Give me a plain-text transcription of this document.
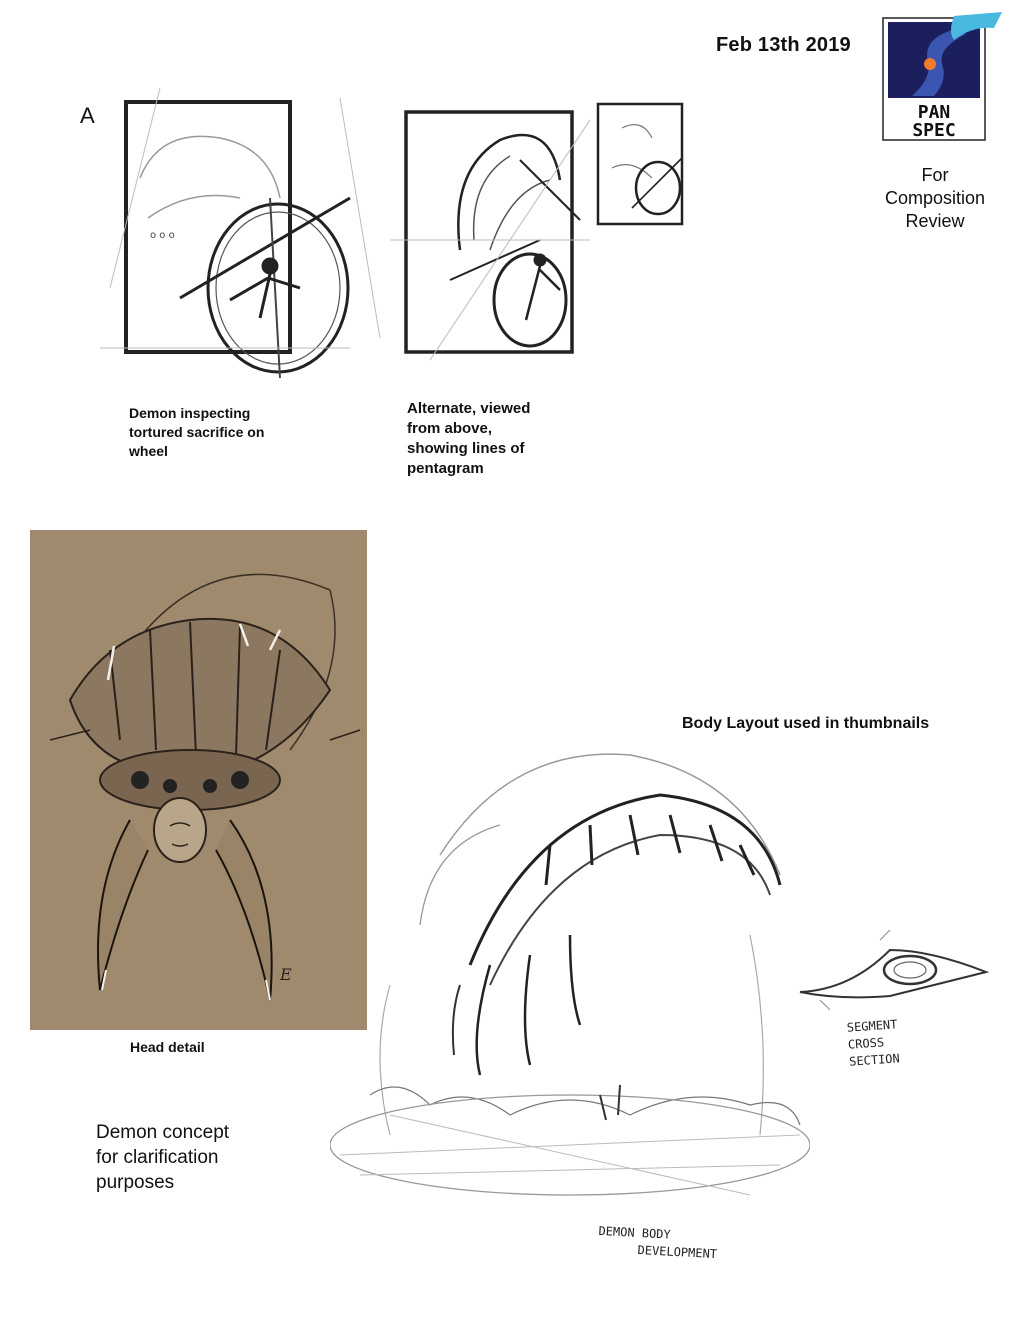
Feb 13th 2019
A	PAN
SPEC
For
Composition
Review
o o o
Demon inspecting
tortured sacrifice on
wheel
Alternate, viewed
from above,
showing lines of
pentagram
E
Head detail
Body Layout used in thumbnails
SEGMENT
CROSS
SECTION
DEMON BODY
DEVELOPMENT
Demon concept
for clarification
purposes
